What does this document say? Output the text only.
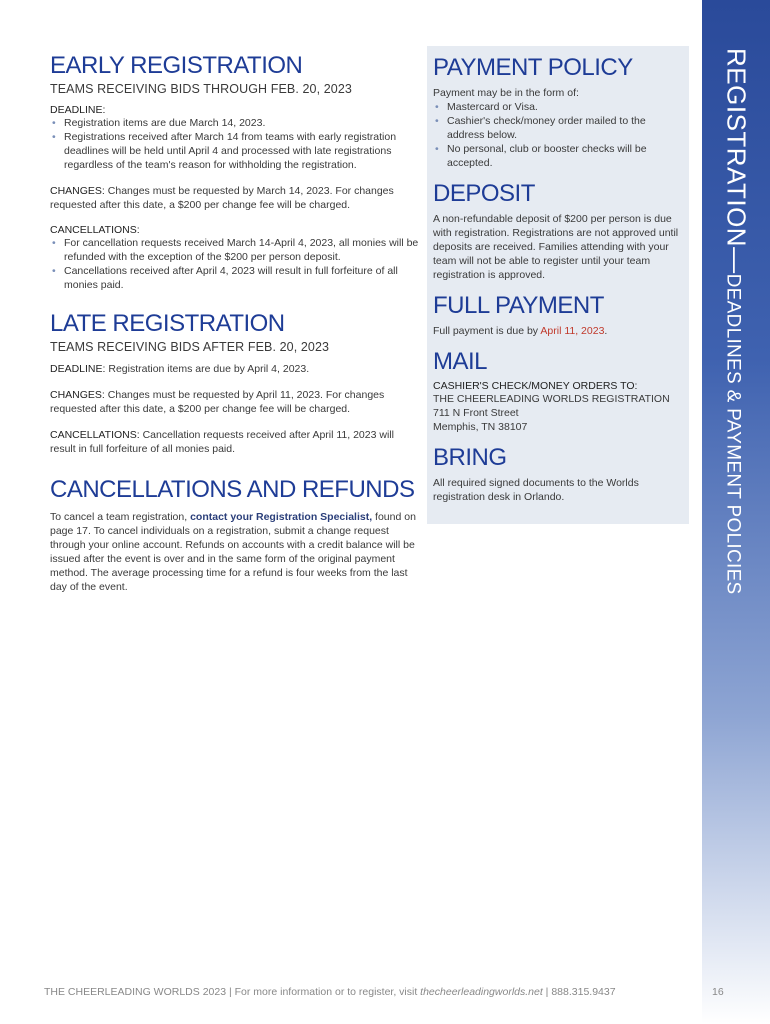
EARLY REGISTRATION
TEAMS RECEIVING BIDS THROUGH FEB. 20, 2023
DEADLINE:
• Registration items are due March 14, 2023.
• Registrations received after March 14 from teams with early registration deadlines will be held until April 4 and processed with late registrations regardless of the team's reason for withholding the registration.

CHANGES: Changes must be requested by March 14, 2023. For changes requested after this date, a $200 per change fee will be charged.

CANCELLATIONS:
• For cancellation requests received March 14-April 4, 2023, all monies will be refunded with the exception of the $200 per person deposit.
• Cancellations received after April 4, 2023 will result in full forfeiture of all monies paid.
LATE REGISTRATION
TEAMS RECEIVING BIDS AFTER FEB. 20, 2023

DEADLINE: Registration items are due by April 4, 2023.

CHANGES: Changes must be requested by April 11, 2023. For changes requested after this date, a $200 per change fee will be charged.

CANCELLATIONS: Cancellation requests received after April 11, 2023 will result in full forfeiture of all monies paid.

CANCELLATIONS AND REFUNDS

To cancel a team registration, contact your Registration Specialist, found on page 17. To cancel individuals on a registration, submit a change request through your online account. Refunds on accounts with a credit balance will be issued after the event is over and in the same form of the original payment method. The average processing time for a refund is four weeks from the last day of the event.

PAYMENT POLICY

Payment may be in the form of:

• Mastercard or Visa.
• Cashier's check/money order mailed to the address below.
• No personal, club or booster checks will be accepted.
DEPOSIT

A non-refundable deposit of $200 per person is due with registration. Registrations are not approved until deposits are received. Families attending with your team will not be able to register until your team registration is approved.

FULL PAYMENT

Full payment is due by April 11, 2023.

MAIL
CASHIER'S CHECK/MONEY ORDERS TO:

THE CHEERLEADING WORLDS REGISTRATION

711 N Front Street

Memphis, TN 38107

BRING

All required signed documents to the Worlds registration desk in Orlando.

REGISTRATION—DEADLINES & PAYMENT POLICIES
THE CHEERLEADING WORLDS 2023 | For more information or to register, visit thecheerleadingworlds.net | 888.315.9437	16
